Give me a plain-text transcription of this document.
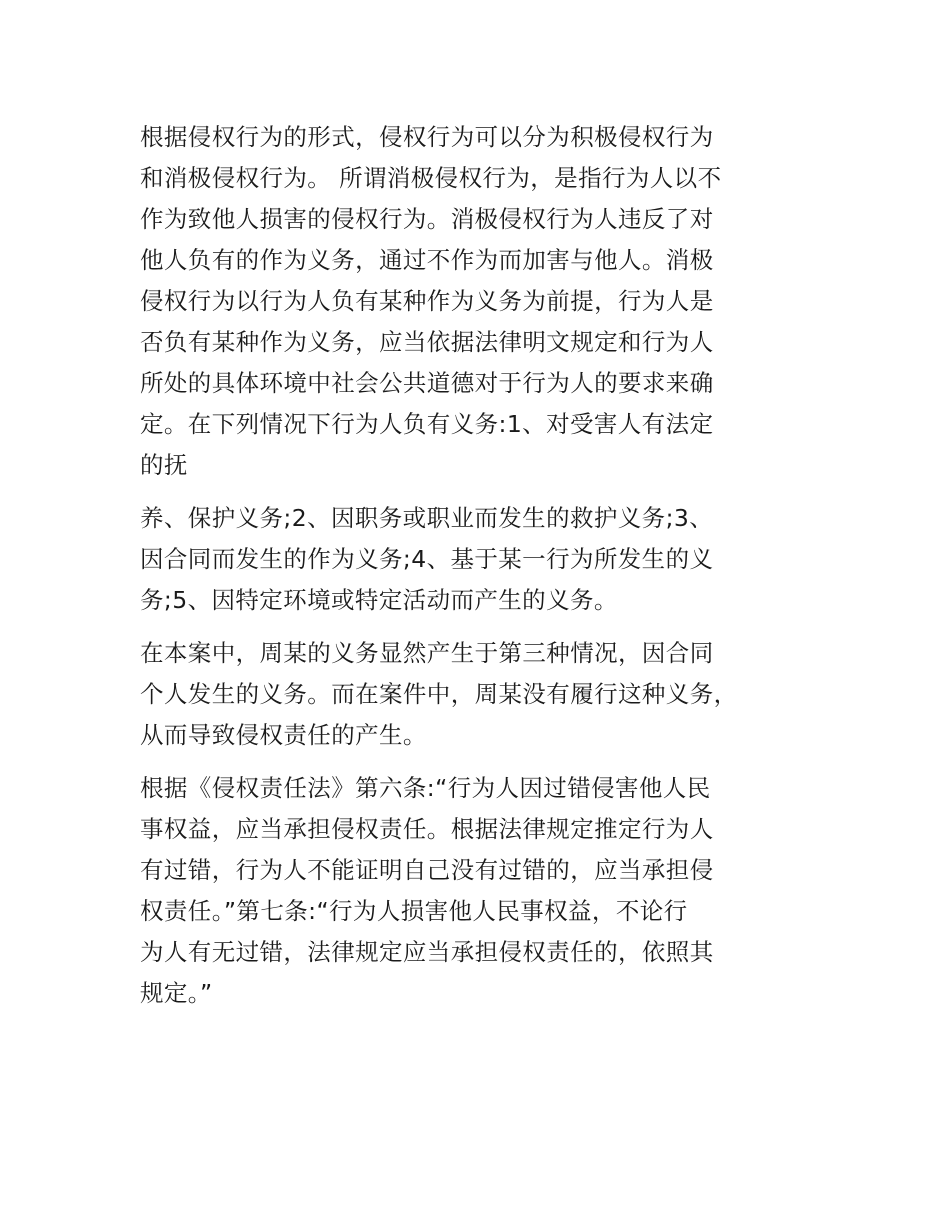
根据侵权行为的形式，侵权行为可以分为积极侵权行为
和消极侵权行为。 所谓消极侵权行为，是指行为人以不
作为致他人损害的侵权行为。消极侵权行为人违反了对
他人负有的作为义务，通过不作为而加害与他人。消极
侵权行为以行为人负有某种作为义务为前提，行为人是
否负有某种作为义务，应当依据法律明文规定和行为人
所处的具体环境中社会公共道德对于行为人的要求来确
定。在下列情况下行为人负有义务:1、对受害人有法定
的抚

养、保护义务;2、因职务或职业而发生的救护义务;3、
因合同而发生的作为义务;4、基于某一行为所发生的义
务;5、因特定环境或特定活动而产生的义务。

在本案中，周某的义务显然产生于第三种情况，因合同
个人发生的义务。而在案件中，周某没有履行这种义务，
从而导致侵权责任的产生。

根据《侵权责任法》第六条:“行为人因过错侵害他人民
事权益，应当承担侵权责任。根据法律规定推定行为人
有过错，行为人不能证明自己没有过错的，应当承担侵
权责任。”第七条:“行为人损害他人民事权益，不论行
为人有无过错，法律规定应当承担侵权责任的，依照其
规定。”
